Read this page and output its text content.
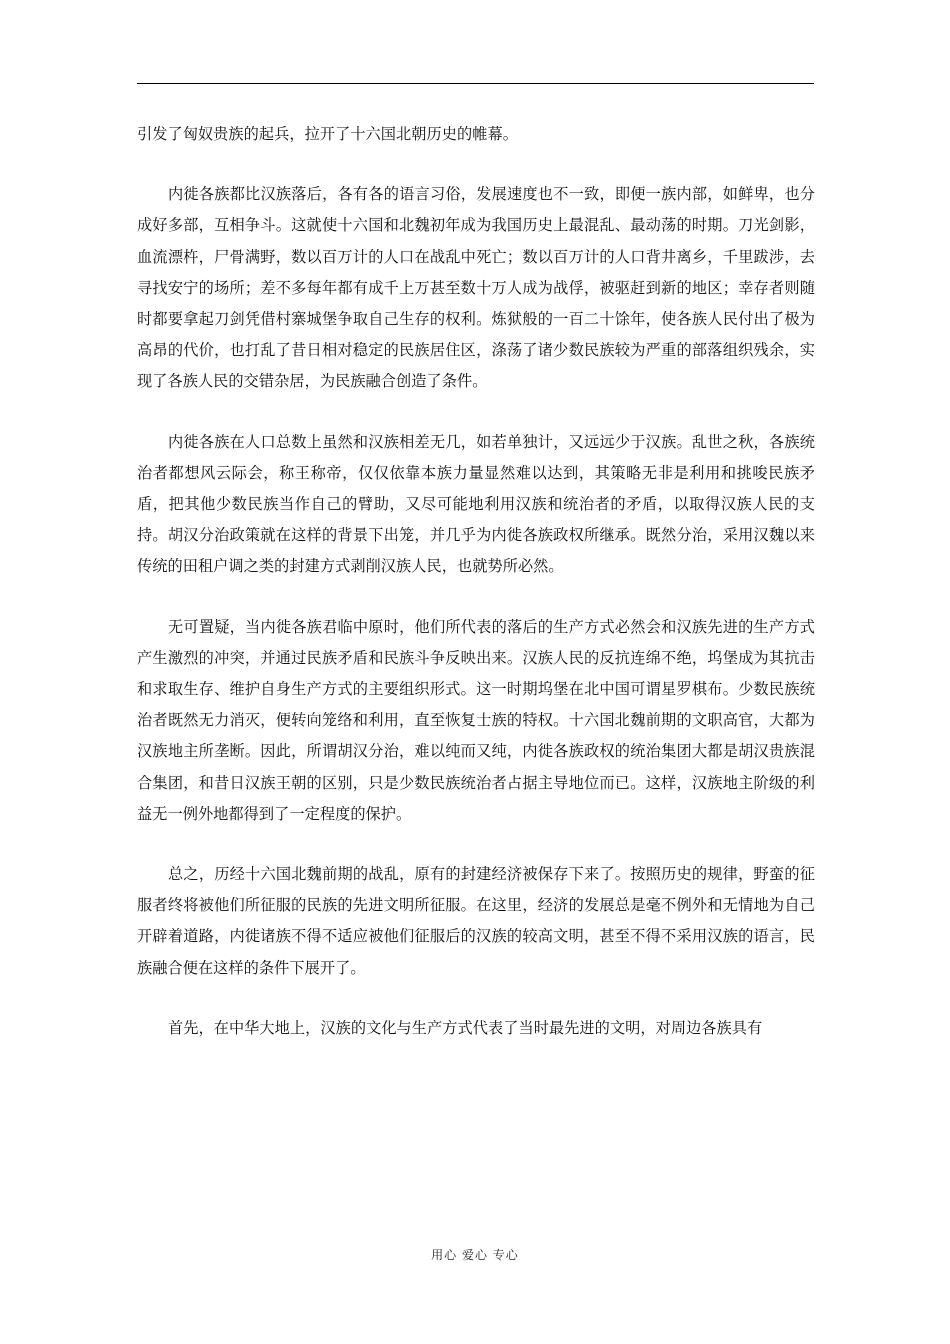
引发了匈奴贵族的起兵，拉开了十六国北朝历史的帷幕。

内徙各族都比汉族落后，各有各的语言习俗，发展速度也不一致，即便一族内部，如鲜卑，也分成好多部，互相争斗。这就使十六国和北魏初年成为我国历史上最混乱、最动荡的时期。刀光剑影，血流漂杵，尸骨满野，数以百万计的人口在战乱中死亡；数以百万计的人口背井离乡，千里跋涉，去寻找安宁的场所；差不多每年都有成千上万甚至数十万人成为战俘，被驱赶到新的地区；幸存者则随时都要拿起刀剑凭借村寨城堡争取自己生存的权利。炼狱般的一百二十馀年，使各族人民付出了极为高昂的代价，也打乱了昔日相对稳定的民族居住区，涤荡了诸少数民族较为严重的部落组织残余，实现了各族人民的交错杂居，为民族融合创造了条件。

内徙各族在人口总数上虽然和汉族相差无几，如若单独计，又远远少于汉族。乱世之秋，各族统治者都想风云际会，称王称帝，仅仅依靠本族力量显然难以达到，其策略无非是利用和挑唆民族矛盾，把其他少数民族当作自己的臂助，又尽可能地利用汉族和统治者的矛盾，以取得汉族人民的支持。胡汉分治政策就在这样的背景下出笼，并几乎为内徙各族政权所继承。既然分治，采用汉魏以来传统的田租户调之类的封建方式剥削汉族人民，也就势所必然。

无可置疑，当内徙各族君临中原时，他们所代表的落后的生产方式必然会和汉族先进的生产方式产生激烈的冲突，并通过民族矛盾和民族斗争反映出来。汉族人民的反抗连绵不绝，坞堡成为其抗击和求取生存、维护自身生产方式的主要组织形式。这一时期坞堡在北中国可谓星罗棋布。少数民族统治者既然无力消灭，便转向笼络和利用，直至恢复士族的特权。十六国北魏前期的文职高官，大都为汉族地主所垄断。因此，所谓胡汉分治，难以纯而又纯，内徙各族政权的统治集团大都是胡汉贵族混合集团，和昔日汉族王朝的区别，只是少数民族统治者占据主导地位而已。这样，汉族地主阶级的利益无一例外地都得到了一定程度的保护。

总之，历经十六国北魏前期的战乱，原有的封建经济被保存下来了。按照历史的规律，野蛮的征服者终将被他们所征服的民族的先进文明所征服。在这里，经济的发展总是毫不例外和无情地为自己开辟着道路，内徙诸族不得不适应被他们征服后的汉族的较高文明，甚至不得不采用汉族的语言，民族融合便在这样的条件下展开了。

首先，在中华大地上，汉族的文化与生产方式代表了当时最先进的文明，对周边各族具有

用心 爱心 专心
